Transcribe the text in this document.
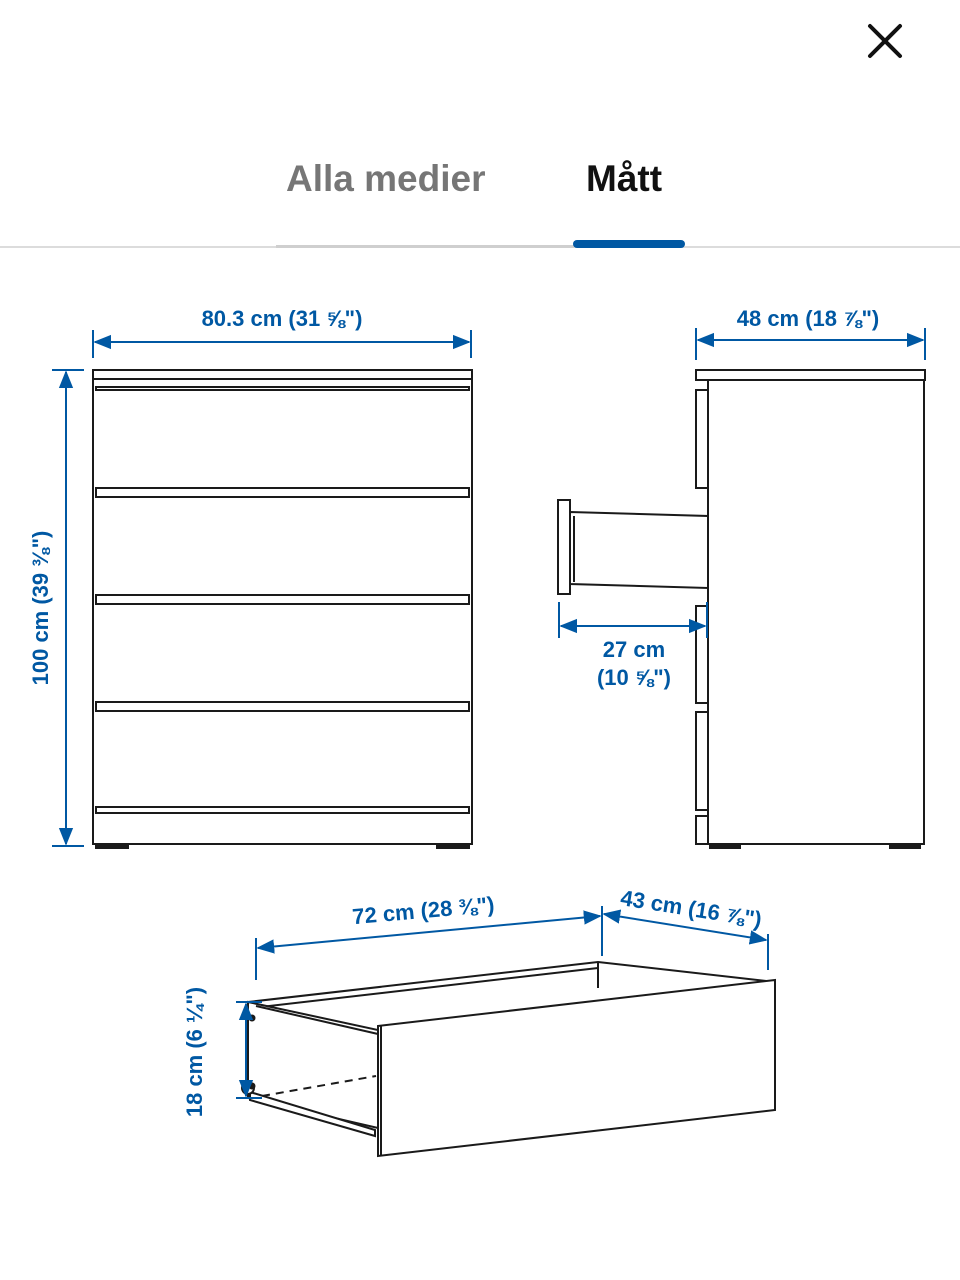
Alla medier	Mått
80.3 cm (31 ⅝")
100 cm (39 ⅜")
48 cm (18 ⅞")
27 cm
(10 ⅝")
72 cm (28 ⅜")	43 cm (16 ⅞")
18 cm (6 ¼")
